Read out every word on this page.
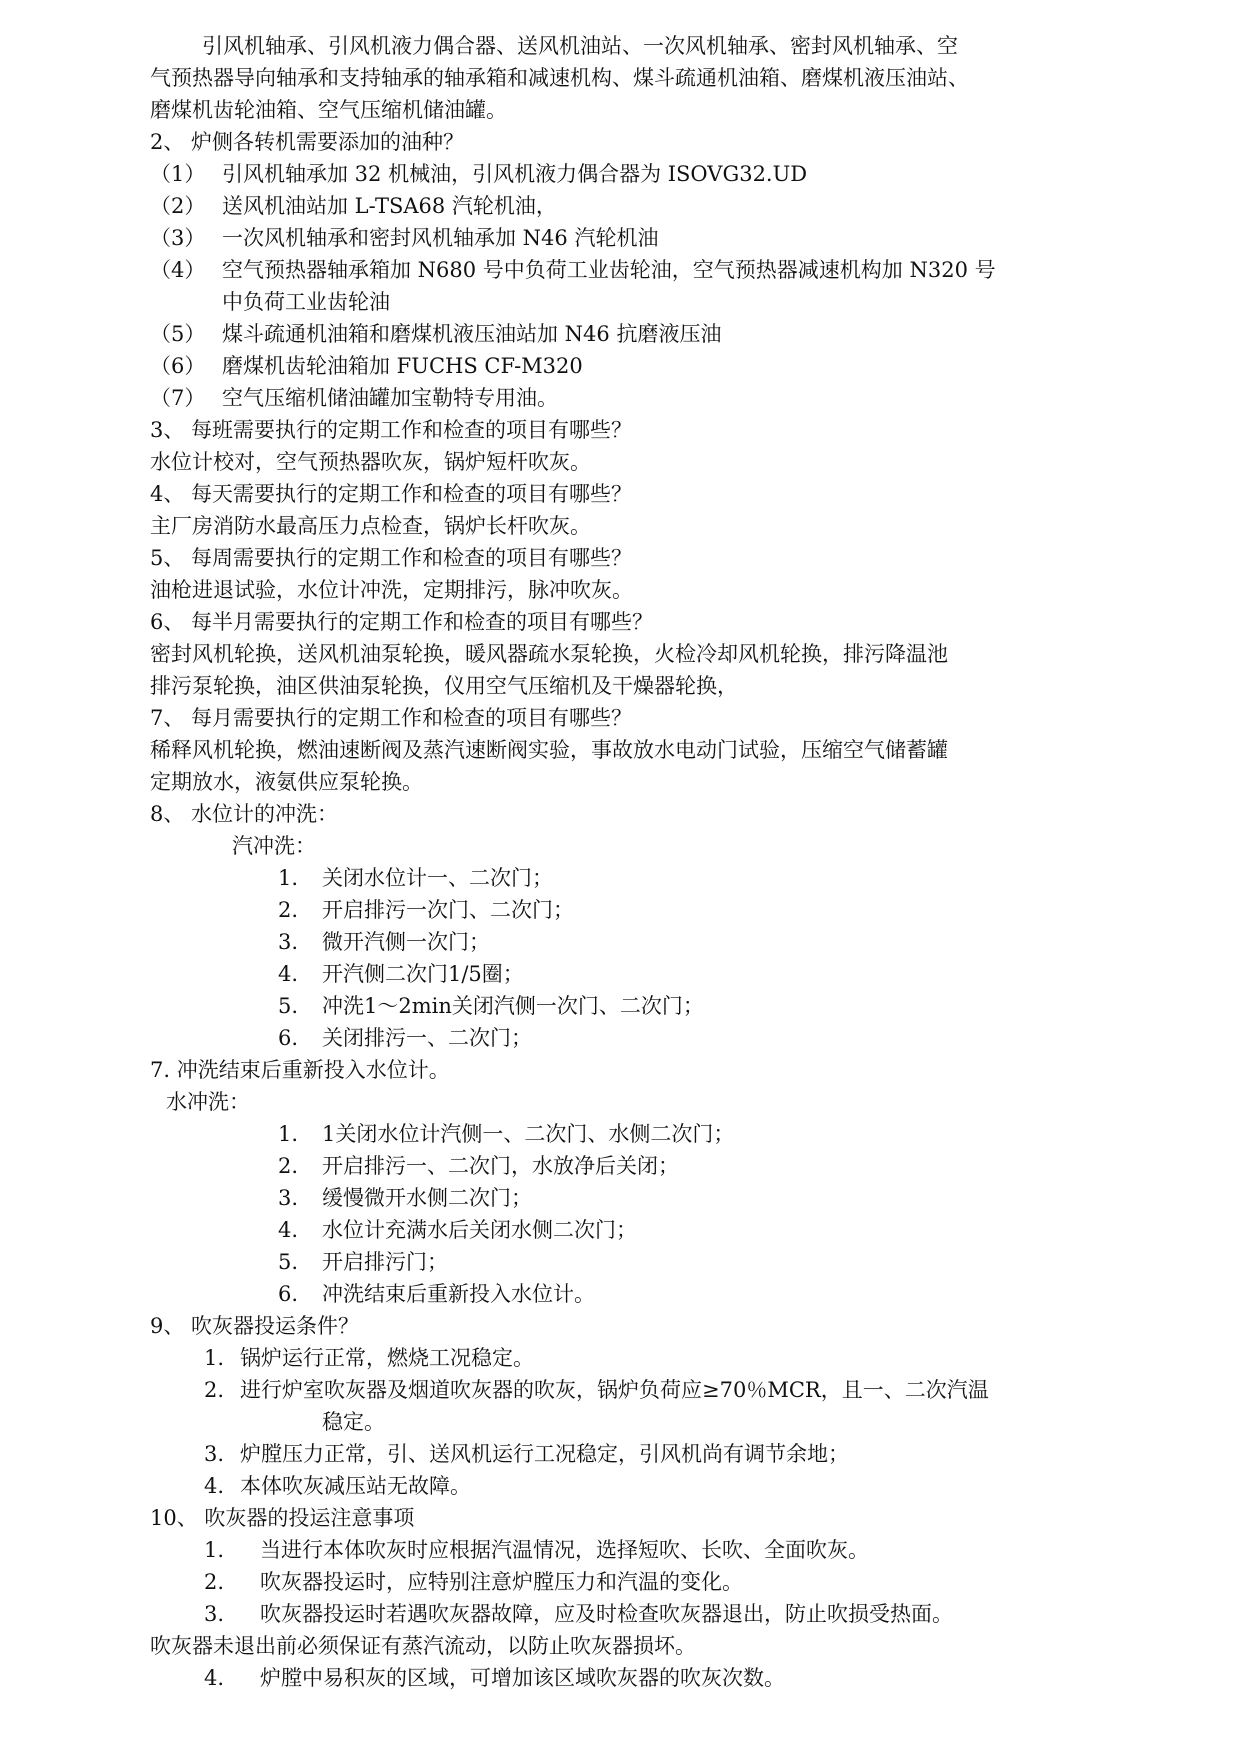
引风机轴承、引风机液力偶合器、送风机油站、一次风机轴承、密封风机轴承、空
气预热器导向轴承和支持轴承的轴承箱和减速机构、煤斗疏通机油箱、磨煤机液压油站、
磨煤机齿轮油箱、空气压缩机储油罐。
2、 炉侧各转机需要添加的油种？
（1） 引风机轴承加 32 机械油，引风机液力偶合器为 ISOVG32.UD
（2） 送风机油站加 L-TSA68 汽轮机油，
（3） 一次风机轴承和密封风机轴承加 N46 汽轮机油
（4） 空气预热器轴承箱加 N680 号中负荷工业齿轮油，空气预热器减速机构加 N320 号
中负荷工业齿轮油
（5） 煤斗疏通机油箱和磨煤机液压油站加 N46 抗磨液压油
（6） 磨煤机齿轮油箱加 FUCHS CF-M320
（7） 空气压缩机储油罐加宝勒特专用油。
3、 每班需要执行的定期工作和检查的项目有哪些？
水位计校对，空气预热器吹灰，锅炉短杆吹灰。
4、 每天需要执行的定期工作和检查的项目有哪些？
主厂房消防水最高压力点检查，锅炉长杆吹灰。
5、 每周需要执行的定期工作和检查的项目有哪些？
油枪进退试验，水位计冲洗，定期排污，脉冲吹灰。
6、 每半月需要执行的定期工作和检查的项目有哪些？
密封风机轮换，送风机油泵轮换，暖风器疏水泵轮换，火检冷却风机轮换，排污降温池
排污泵轮换，油区供油泵轮换，仪用空气压缩机及干燥器轮换，
7、 每月需要执行的定期工作和检查的项目有哪些？
稀释风机轮换，燃油速断阀及蒸汽速断阀实验，事故放水电动门试验，压缩空气储蓄罐
定期放水，液氨供应泵轮换。
8、 水位计的冲洗：
汽冲洗：
1. 关闭水位计一、二次门；
2. 开启排污一次门、二次门；
3. 微开汽侧一次门；
4. 开汽侧二次门1/5圈；
5. 冲洗1～2min关闭汽侧一次门、二次门；
6. 关闭排污一、二次门；
7. 冲洗结束后重新投入水位计。
水冲洗：
1. 1关闭水位计汽侧一、二次门、水侧二次门；
2. 开启排污一、二次门，水放净后关闭；
3. 缓慢微开水侧二次门；
4. 水位计充满水后关闭水侧二次门；
5. 开启排污门；
6. 冲洗结束后重新投入水位计。
9、 吹灰器投运条件？
1. 锅炉运行正常，燃烧工况稳定。
2. 进行炉室吹灰器及烟道吹灰器的吹灰，锅炉负荷应≥70％MCR，且一、二次汽温
稳定。
3. 炉膛压力正常，引、送风机运行工况稳定，引风机尚有调节余地；
4. 本体吹灰减压站无故障。
10、 吹灰器的投运注意事项
1. 当进行本体吹灰时应根据汽温情况，选择短吹、长吹、全面吹灰。
2. 吹灰器投运时，应特别注意炉膛压力和汽温的变化。
3. 吹灰器投运时若遇吹灰器故障，应及时检查吹灰器退出，防止吹损受热面。
吹灰器未退出前必须保证有蒸汽流动，以防止吹灰器损坏。
4. 炉膛中易积灰的区域，可增加该区域吹灰器的吹灰次数。
